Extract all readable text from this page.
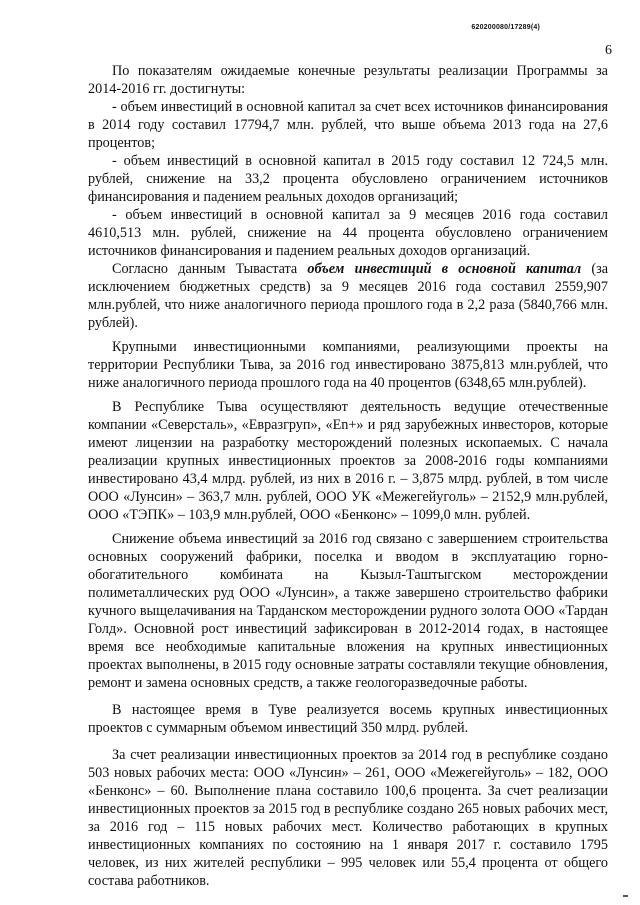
620200080/17289(4)
6

По показателям ожидаемые конечные результаты реализации Программы за 2014-2016 гг. достигнуты:

- объем инвестиций в основной капитал за счет всех источников финансирования в 2014 году составил 17794,7 млн. рублей, что выше объема 2013 года на 27,6 процентов;

- объем инвестиций в основной капитал в 2015 году составил 12 724,5 млн. рублей, снижение на 33,2 процента обусловлено ограничением источников финансирования и падением реальных доходов организаций;

- объем инвестиций в основной капитал за 9 месяцев 2016 года составил 4610,513 млн. рублей, снижение на 44 процента обусловлено ограничением источников финансирования и падением реальных доходов организаций.

Согласно данным Тывастата объем инвестиций в основной капитал (за исключением бюджетных средств) за 9 месяцев 2016 года составил 2559,907 млн.рублей, что ниже аналогичного периода прошлого года в 2,2 раза (5840,766 млн. рублей).

Крупными инвестиционными компаниями, реализующими проекты на территории Республики Тыва, за 2016 год инвестировано 3875,813 млн.рублей, что ниже аналогичного периода прошлого года на 40 процентов (6348,65 млн.рублей).

В Республике Тыва осуществляют деятельность ведущие отечественные компании «Северсталь», «Евразгруп», «En+» и ряд зарубежных инвесторов, которые имеют лицензии на разработку месторождений полезных ископаемых. С начала реализации крупных инвестиционных проектов за 2008-2016 годы компаниями инвестировано 43,4 млрд. рублей, из них в 2016 г. – 3,875 млрд. рублей, в том числе ООО «Лунсин» – 363,7 млн. рублей, ООО УК «Межегейуголь» – 2152,9 млн.рублей, ООО «ТЭПК» – 103,9 млн.рублей, ООО «Бенконс» – 1099,0 млн. рублей.

Снижение объема инвестиций за 2016 год связано с завершением строительства основных сооружений фабрики, поселка и вводом в эксплуатацию горно-обогатительного комбината на Кызыл-Таштыгском месторождении полиметаллических руд ООО «Лунсин», а также завершено строительство фабрики кучного выщелачивания на Тарданском месторождении рудного золота ООО «Тардан Голд». Основной рост инвестиций зафиксирован в 2012-2014 годах, в настоящее время все необходимые капитальные вложения на крупных инвестиционных проектах выполнены, в 2015 году основные затраты составляли текущие обновления, ремонт и замена основных средств, а также геологоразведочные работы.

В настоящее время в Туве реализуется восемь крупных инвестиционных проектов с суммарным объемом инвестиций 350 млрд. рублей.

За счет реализации инвестиционных проектов за 2014 год в республике создано 503 новых рабочих места: ООО «Лунсин» – 261, ООО «Межегейуголь» – 182, ООО «Бенконс» – 60. Выполнение плана составило 100,6 процента. За счет реализации инвестиционных проектов за 2015 год в республике создано 265 новых рабочих мест, за 2016 год – 115 новых рабочих мест. Количество работающих в крупных инвестиционных компаниях по состоянию на 1 января 2017 г. составило 1795 человек, из них жителей республики – 995 человек или 55,4 процента от общего состава работников.
